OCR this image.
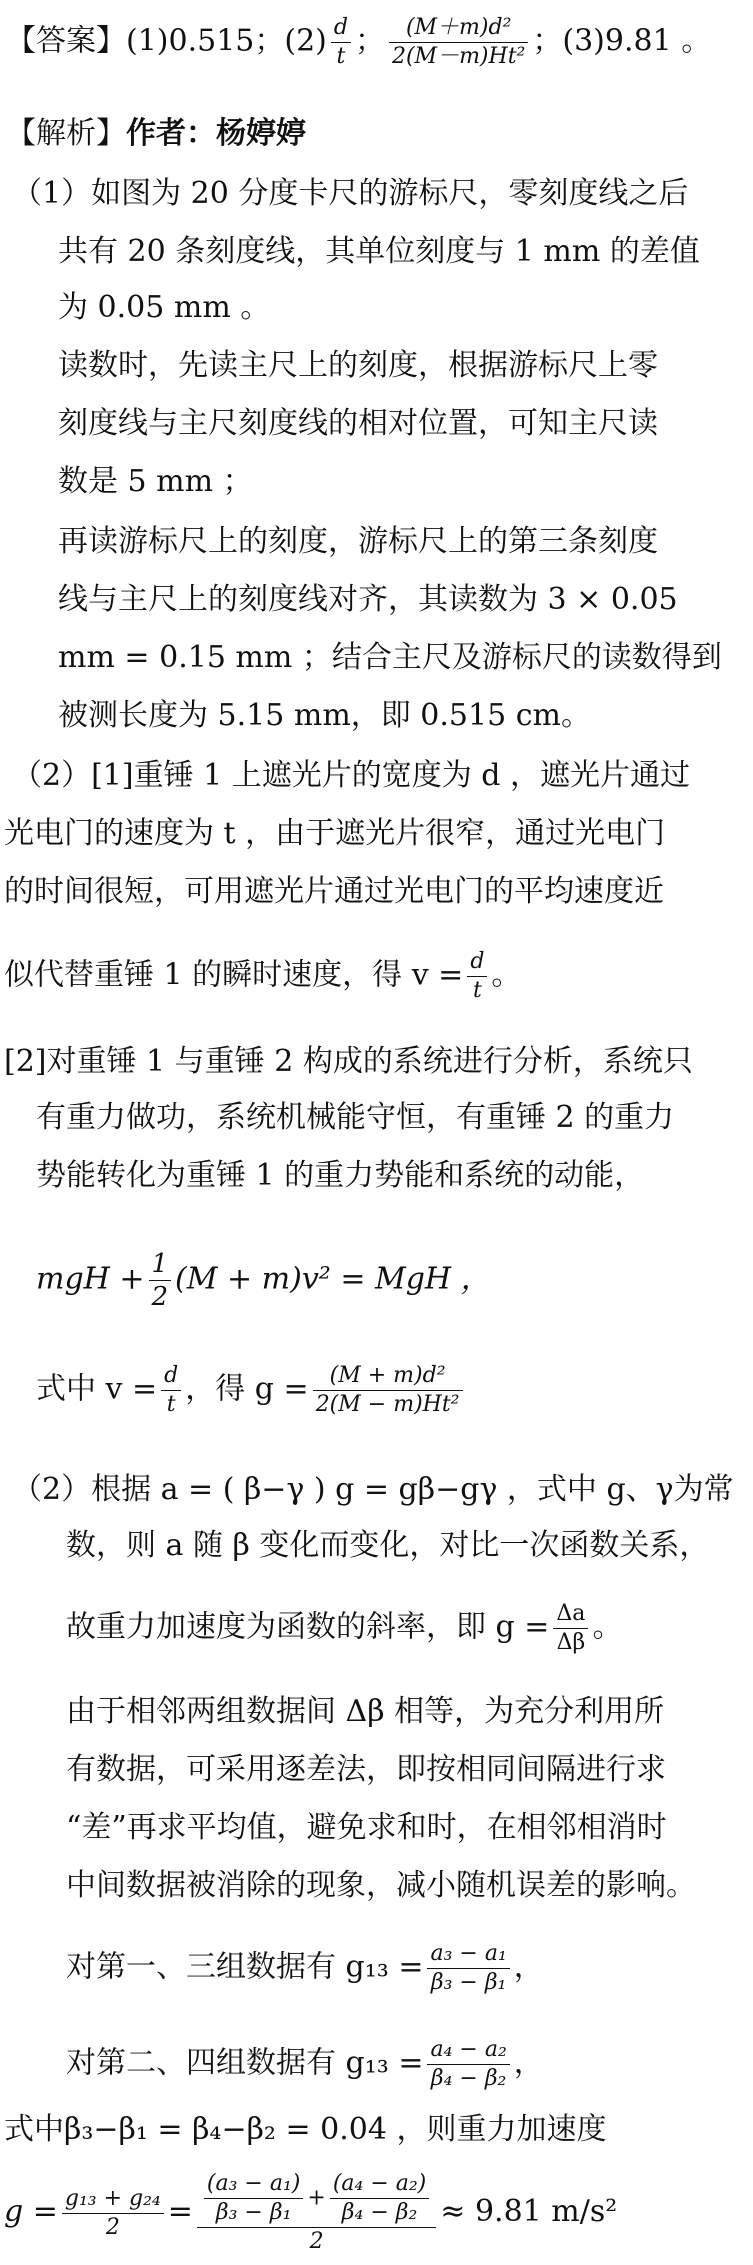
【答案】(1)0.515；$(2) \frac{d}{t}$ ； $\frac{\text{(M＋m)d²}}{\text{2(M－m)Ht²}}$ ；(3)9.81 。
【解析】作者：杨婷婷
（1）如图为 20 分度卡尺的游标尺，零刻度线之后
共有 20 条刻度线，其单位刻度与 1 mm 的差值
为 0.05 mm 。
读数时，先读主尺上的刻度，根据游标尺上零
刻度线与主尺刻度线的相对位置，可知主尺读
数是 5 mm ；
再读游标尺上的刻度，游标尺上的第三条刻度
线与主尺上的刻度线对齐，其读数为 3 × 0.05
mm = 0.15 mm ；结合主尺及游标尺的读数得到
被测长度为 5.15 mm，即 0.515 cm。
（2）[1]重锤 1 上遮光片的宽度为 d ，遮光片通过
光电门的速度为 t ，由于遮光片很窄，通过光电门
的时间很短，可用遮光片通过光电门的平均速度近
似代替重锤 1 的瞬时速度，得 $v = \frac{d}{t}$ 。
[2]对重锤 1 与重锤 2 构成的系统进行分析，系统只
有重力做功，系统机械能守恒，有重锤 2 的重力
势能转化为重锤 1 的重力势能和系统的动能，
mgH + $\frac{1}{2} (M + m)v^2$ = MgH ，
式中 $v = \frac{d}{t}$ ，得 $g = \frac{\text{(M + m)d²}}{\text{2(M − m)Ht²}}$
（2）根据 a = ( β−γ ) g = gβ−gγ ，式中 g、γ为常
数，则 a 随 β 变化而变化，对比一次函数关系，
故重力加速度为函数的斜率，即 $g = \frac{\Delta a}{\Delta\beta}$ 。
由于相邻两组数据间 Δβ 相等，为充分利用所
有数据，可采用逐差法，即按相同间隔进行求
“差”再求平均值，避免求和时，在相邻相消时
中间数据被消除的现象，减小随机误差的影响。
对第一、三组数据有 $g_{13} = \frac{\text{a₃ − a₁}}{\text{β₃ − β₁}}$ ，
对第二、四组数据有 $g_{13} = \frac{\text{a₄ − a₂}}{\text{β₄ − β₂}}$ ，
式中β₃−β₁ = β₄−β₂ = 0.04 ，则重力加速度
$g = \frac{\text{g₁₃ + g₂₄}}{2} = \frac{\frac{\text{(a₃ − a₁)}}{\text{β₃ − β₁}} + \frac{\text{(a₄ − a₂)}}{\text{β₄ − β₂}}}{2} \approx 9.81$ m/s²
